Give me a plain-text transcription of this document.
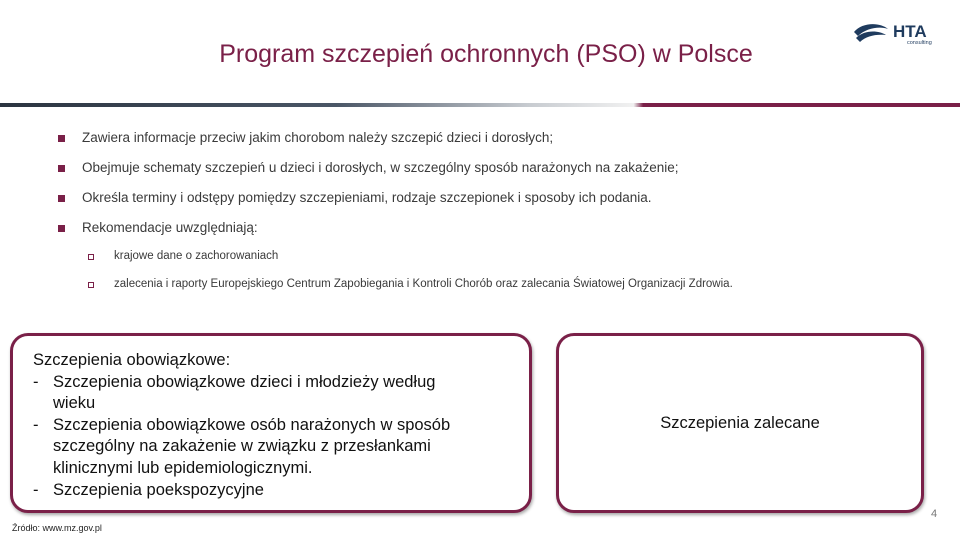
Program szczepień ochronnych (PSO) w Polsce
HTA
consulting
Zawiera informacje przeciw jakim chorobom należy szczepić dzieci i dorosłych;
Obejmuje schematy szczepień u dzieci i dorosłych, w szczególny sposób narażonych na zakażenie;
Określa terminy i odstępy pomiędzy szczepieniami, rodzaje szczepionek i sposoby ich podania.
Rekomendacje uwzględniają:
krajowe dane o zachorowaniach
zalecenia i raporty Europejskiego Centrum Zapobiegania i Kontroli Chorób oraz zalecania Światowej Organizacji Zdrowia.
Szczepienia obowiązkowe:
- Szczepienia obowiązkowe dzieci i młodzieży według
wieku
- Szczepienia obowiązkowe osób narażonych w sposób
szczególny na zakażenie w związku z przesłankami
klinicznymi lub epidemiologicznymi.
- Szczepienia poekspozycyjne
Szczepienia zalecane
Źródło: www.mz.gov.pl
4
